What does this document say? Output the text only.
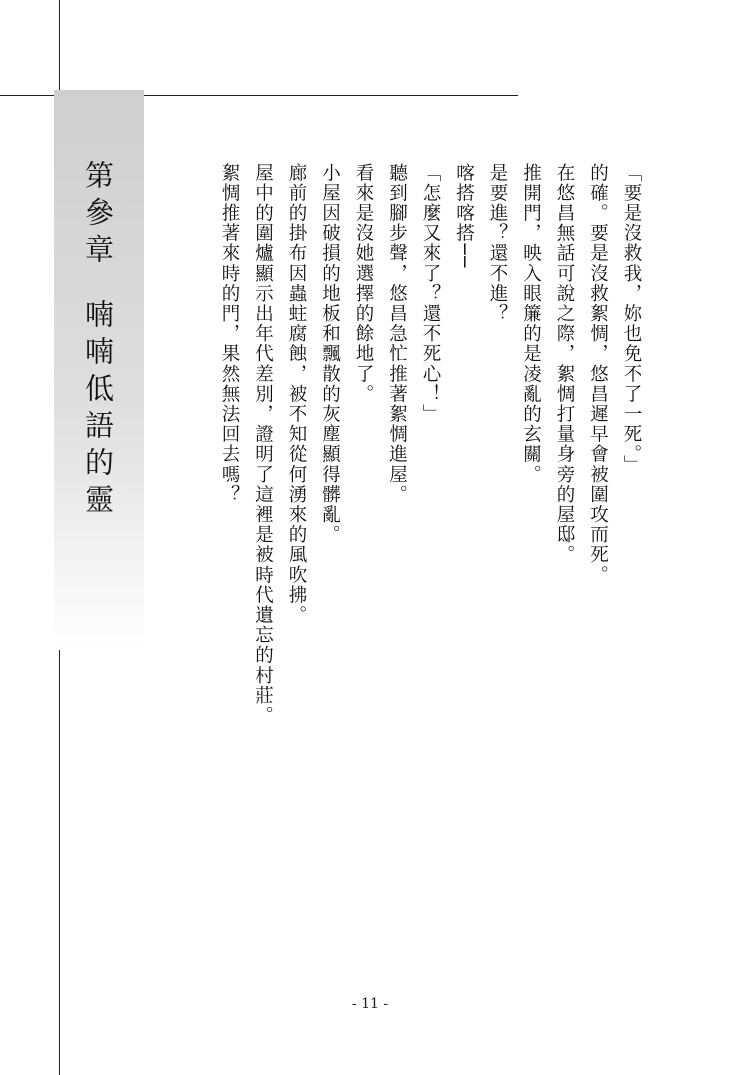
第參章喃喃低語的靈	「要是沒救我，妳也免不了一死。」

的確。要是沒救絮惆，悠昌遲早會被圍攻而死。

在悠昌無話可說之際，絮惆打量身旁的屋邸。

推開門，映入眼簾的是凌亂的玄關。

是要進？還不進？

喀搭喀搭──

「怎麼又來了？還不死心！」

聽到腳步聲，悠昌急忙推著絮惆進屋。

看來是沒她選擇的餘地了。

小屋因破損的地板和飄散的灰塵顯得髒亂。

廊前的掛布因蟲蛀腐蝕，被不知從何湧來的風吹拂。

屋中的圍爐顯示出年代差別，證明了這裡是被時代遺忘的村莊。

絮惆推著來時的門，果然無法回去嗎？

- 11 -
